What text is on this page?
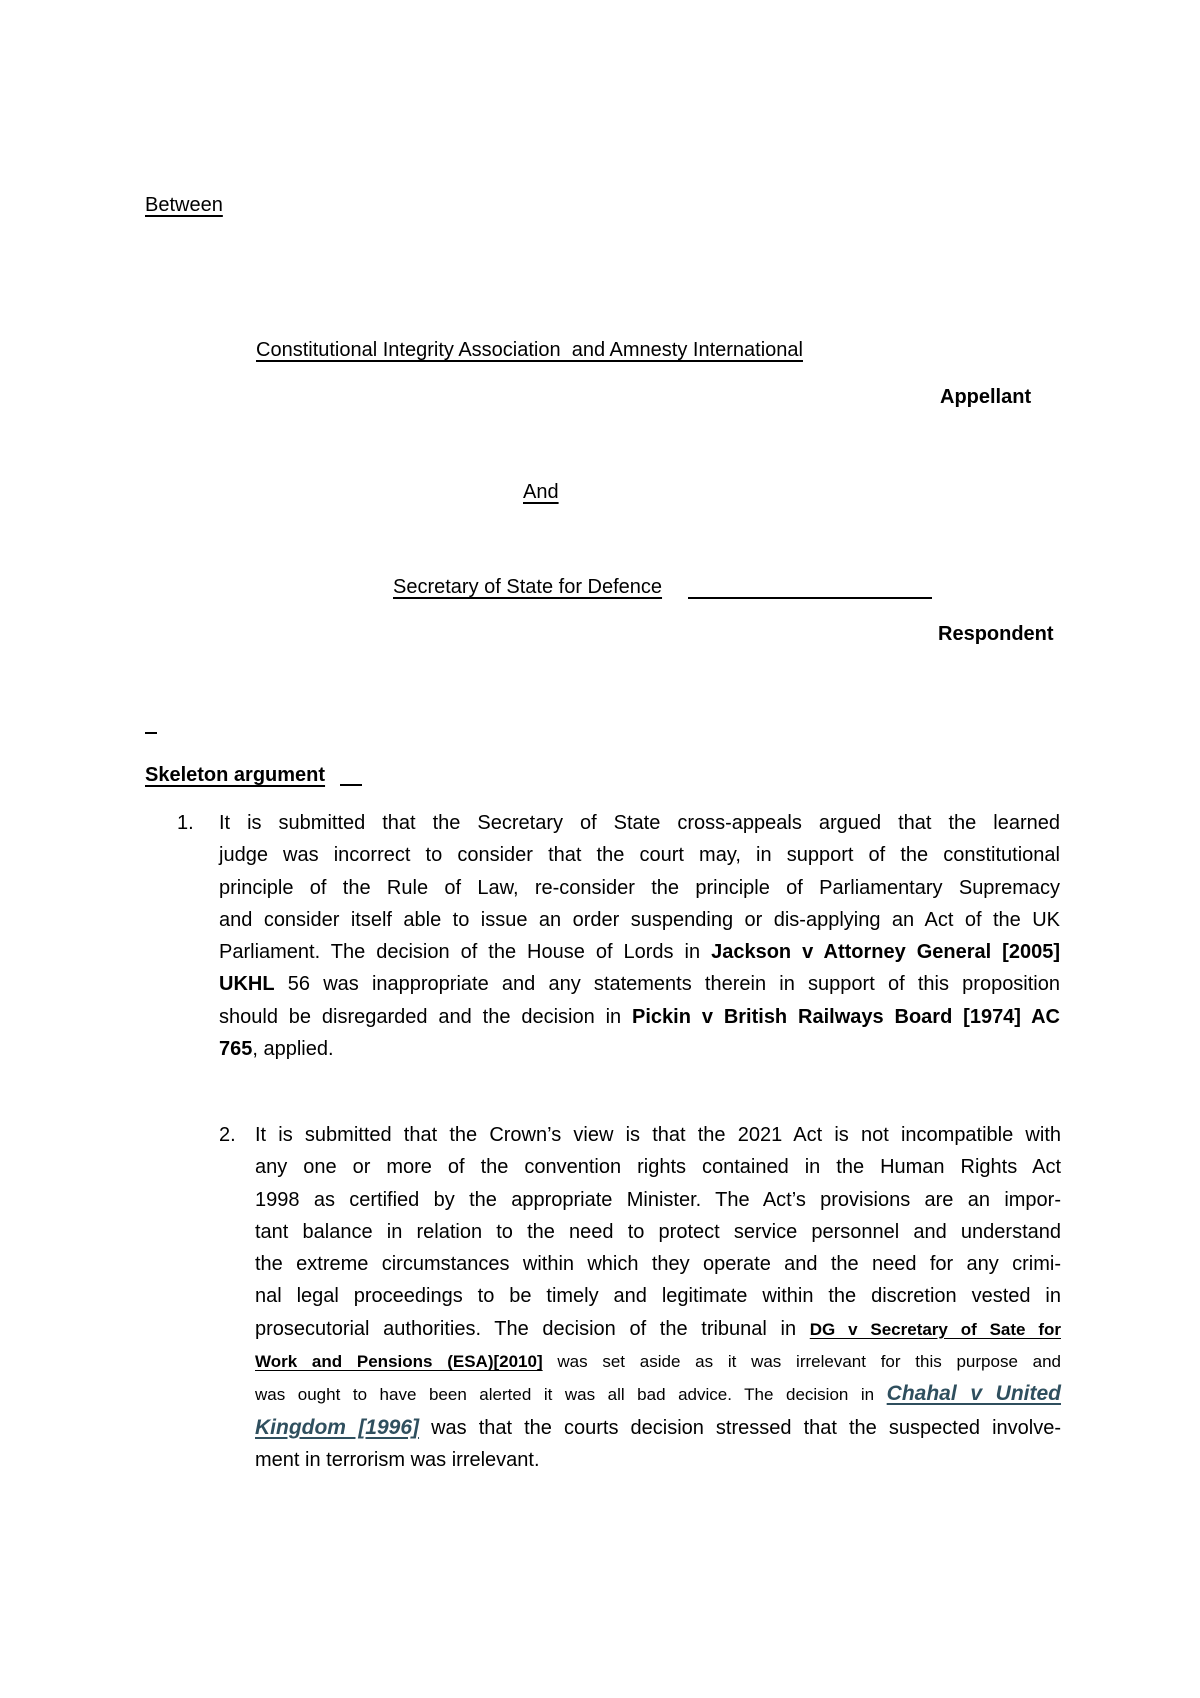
Between
Constitutional Integrity Association  and Amnesty International
Appellant
And
Secretary of State for Defence
Respondent
Skeleton argument
1. It is submitted that the Secretary of State cross-appeals argued that the learned
judge was incorrect to consider that the court may, in support of the constitutional
principle of the Rule of Law, re-consider the principle of Parliamentary Supremacy
and consider itself able to issue an order suspending or dis-applying an Act of the UK
Parliament. The decision of the House of Lords in Jackson v Attorney General [2005]
UKHL 56 was inappropriate and any statements therein in support of this proposition
should be disregarded and the decision in Pickin v British Railways Board [1974] AC
765, applied.
2. It is submitted that the Crown’s view is that the 2021 Act is not incompatible with
any one or more of the convention rights contained in the Human Rights Act
1998 as certified by the appropriate Minister. The Act’s provisions are an impor-
tant balance in relation to the need to protect service personnel and understand
the extreme circumstances within which they operate and the need for any crimi-
nal legal proceedings to be timely and legitimate within the discretion vested in
prosecutorial authorities. The decision of the tribunal in DG v Secretary of Sate for
Work and Pensions (ESA)[2010] was set aside as it was irrelevant for this purpose and
was ought to have been alerted it was all bad advice. The decision in Chahal v United
Kingdom [1996] was that the courts decision stressed that the suspected involve-
ment in terrorism was irrelevant.
